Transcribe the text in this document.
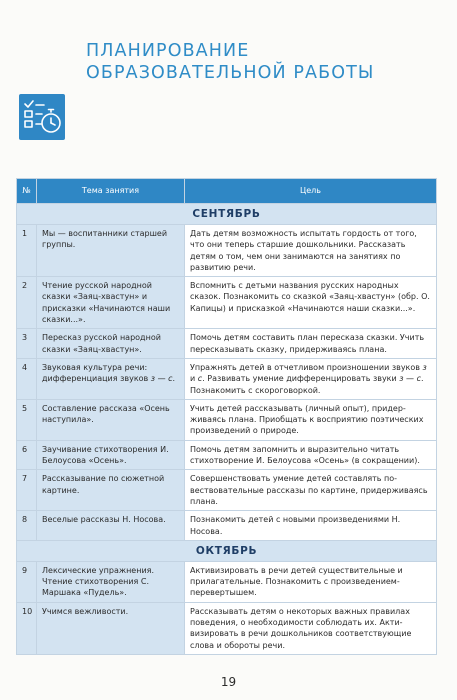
ПЛАНИРОВАНИЕ
ОБРАЗОВАТЕЛЬНОЙ РАБОТЫ
№	Тема занятия	Цель
СЕНТЯБРЬ		
1	Мы — воспитанники старшей группы.	Дать детям возможность испытать гордость от того, что они теперь старшие дошкольники. Рассказать детям о том, чем они занимаются на занятиях по развитию речи.
2	Чтение русской народной сказки «Заяц-хвастун» и присказки «Начинаются наши сказки...».	Вспомнить с детьми названия русских народных сказок. Познакомить со сказкой «Заяц-хвастун» (обр. О. Капицы) и присказкой «Начинаются наши сказки...».
3	Пересказ русской народной сказки «Заяц-хвастун».	Помочь детям составить план пересказа сказки. Учить пересказывать сказку, придерживаясь плана.
4	Звуковая культура речи: дифференциация звуков з — с.	Упражнять детей в отчетливом произношении звуков з и с. Развивать умение дифференцировать звуки з — с. Познакомить с скороговоркой.
5	Составление рассказа «Осень наступила».	Учить детей рассказывать (личный опыт), придерживаясь плана. Приобщать к восприятию поэтических произведений о природе.
6	Заучивание стихотворения И. Белоусова «Осень».	Помочь детям запомнить и выразительно читать стихотворение И. Белоусова «Осень» (в сокращении).
7	Рассказывание по сюжетной картине.	Совершенствовать умение детей составлять повествовательные рассказы по картине, придерживаясь плана.
8	Веселые рассказы Н. Носова.	Познакомить детей с новыми произведениями Н. Носова.
ОКТЯБРЬ		
9	Лексические упражнения. Чтение стихотворения С. Маршака «Пудель».	Активизировать в речи детей существительные и прилагательные. Познакомить с произведением-перевертышем.
10	Учимся вежливости.	Рассказывать детям о некоторых важных правилах поведения, о необходимости соблюдать их. Активизировать в речи дошкольников соответствующие слова и обороты речи.
19
